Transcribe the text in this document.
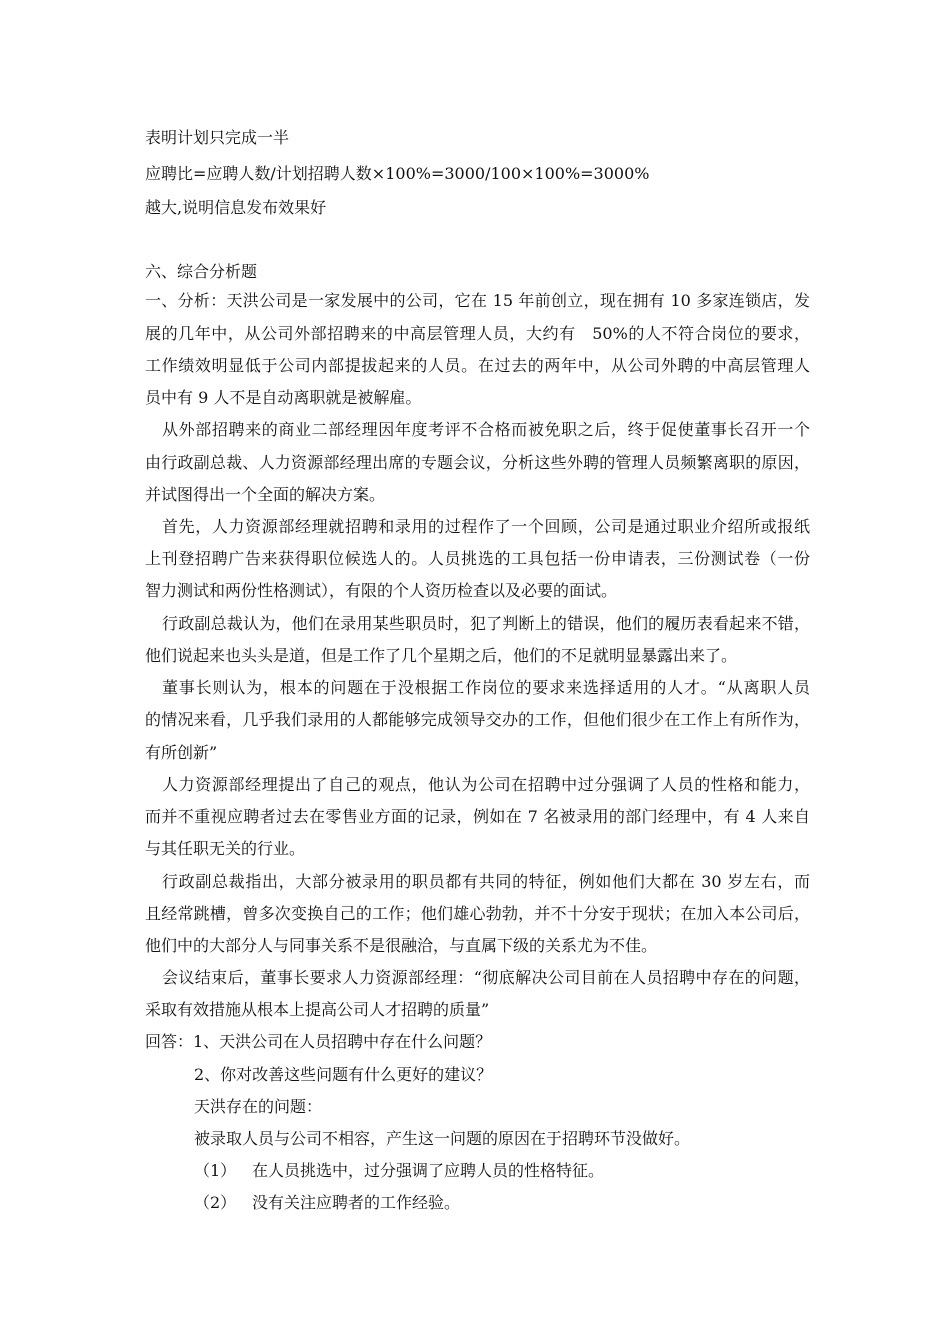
表明计划只完成一半
应聘比=应聘人数/计划招聘人数×100%=3000/100×100%=3000%
越大,说明信息发布效果好
六、综合分析题
一、分析：天洪公司是一家发展中的公司，它在 15 年前创立，现在拥有 10 多家连锁店，发
展的几年中，从公司外部招聘来的中高层管理人员，大约有　50%的人不符合岗位的要求，
工作绩效明显低于公司内部提拔起来的人员。在过去的两年中，从公司外聘的中高层管理人
员中有 9 人不是自动离职就是被解雇。
从外部招聘来的商业二部经理因年度考评不合格而被免职之后，终于促使董事长召开一个
由行政副总裁、人力资源部经理出席的专题会议，分析这些外聘的管理人员频繁离职的原因，
并试图得出一个全面的解决方案。
首先，人力资源部经理就招聘和录用的过程作了一个回顾，公司是通过职业介绍所或报纸
上刊登招聘广告来获得职位候选人的。人员挑选的工具包括一份申请表，三份测试卷（一份
智力测试和两份性格测试），有限的个人资历检查以及必要的面试。
行政副总裁认为，他们在录用某些职员时，犯了判断上的错误，他们的履历表看起来不错，
他们说起来也头头是道，但是工作了几个星期之后，他们的不足就明显暴露出来了。
董事长则认为，根本的问题在于没根据工作岗位的要求来选择适用的人才。“从离职人员
的情况来看，几乎我们录用的人都能够完成领导交办的工作，但他们很少在工作上有所作为，
有所创新”
人力资源部经理提出了自己的观点，他认为公司在招聘中过分强调了人员的性格和能力，
而并不重视应聘者过去在零售业方面的记录，例如在 7 名被录用的部门经理中，有 4 人来自
与其任职无关的行业。
行政副总裁指出，大部分被录用的职员都有共同的特征，例如他们大都在 30 岁左右，而
且经常跳槽，曾多次变换自己的工作；他们雄心勃勃，并不十分安于现状；在加入本公司后，
他们中的大部分人与同事关系不是很融洽，与直属下级的关系尤为不佳。
会议结束后，董事长要求人力资源部经理：“彻底解决公司目前在人员招聘中存在的问题，
采取有效措施从根本上提高公司人才招聘的质量”
回答：1、天洪公司在人员招聘中存在什么问题？
2、你对改善这些问题有什么更好的建议？
天洪存在的问题：
被录取人员与公司不相容，产生这一问题的原因在于招聘环节没做好。
（1） 在人员挑选中，过分强调了应聘人员的性格特征。
（2） 没有关注应聘者的工作经验。
